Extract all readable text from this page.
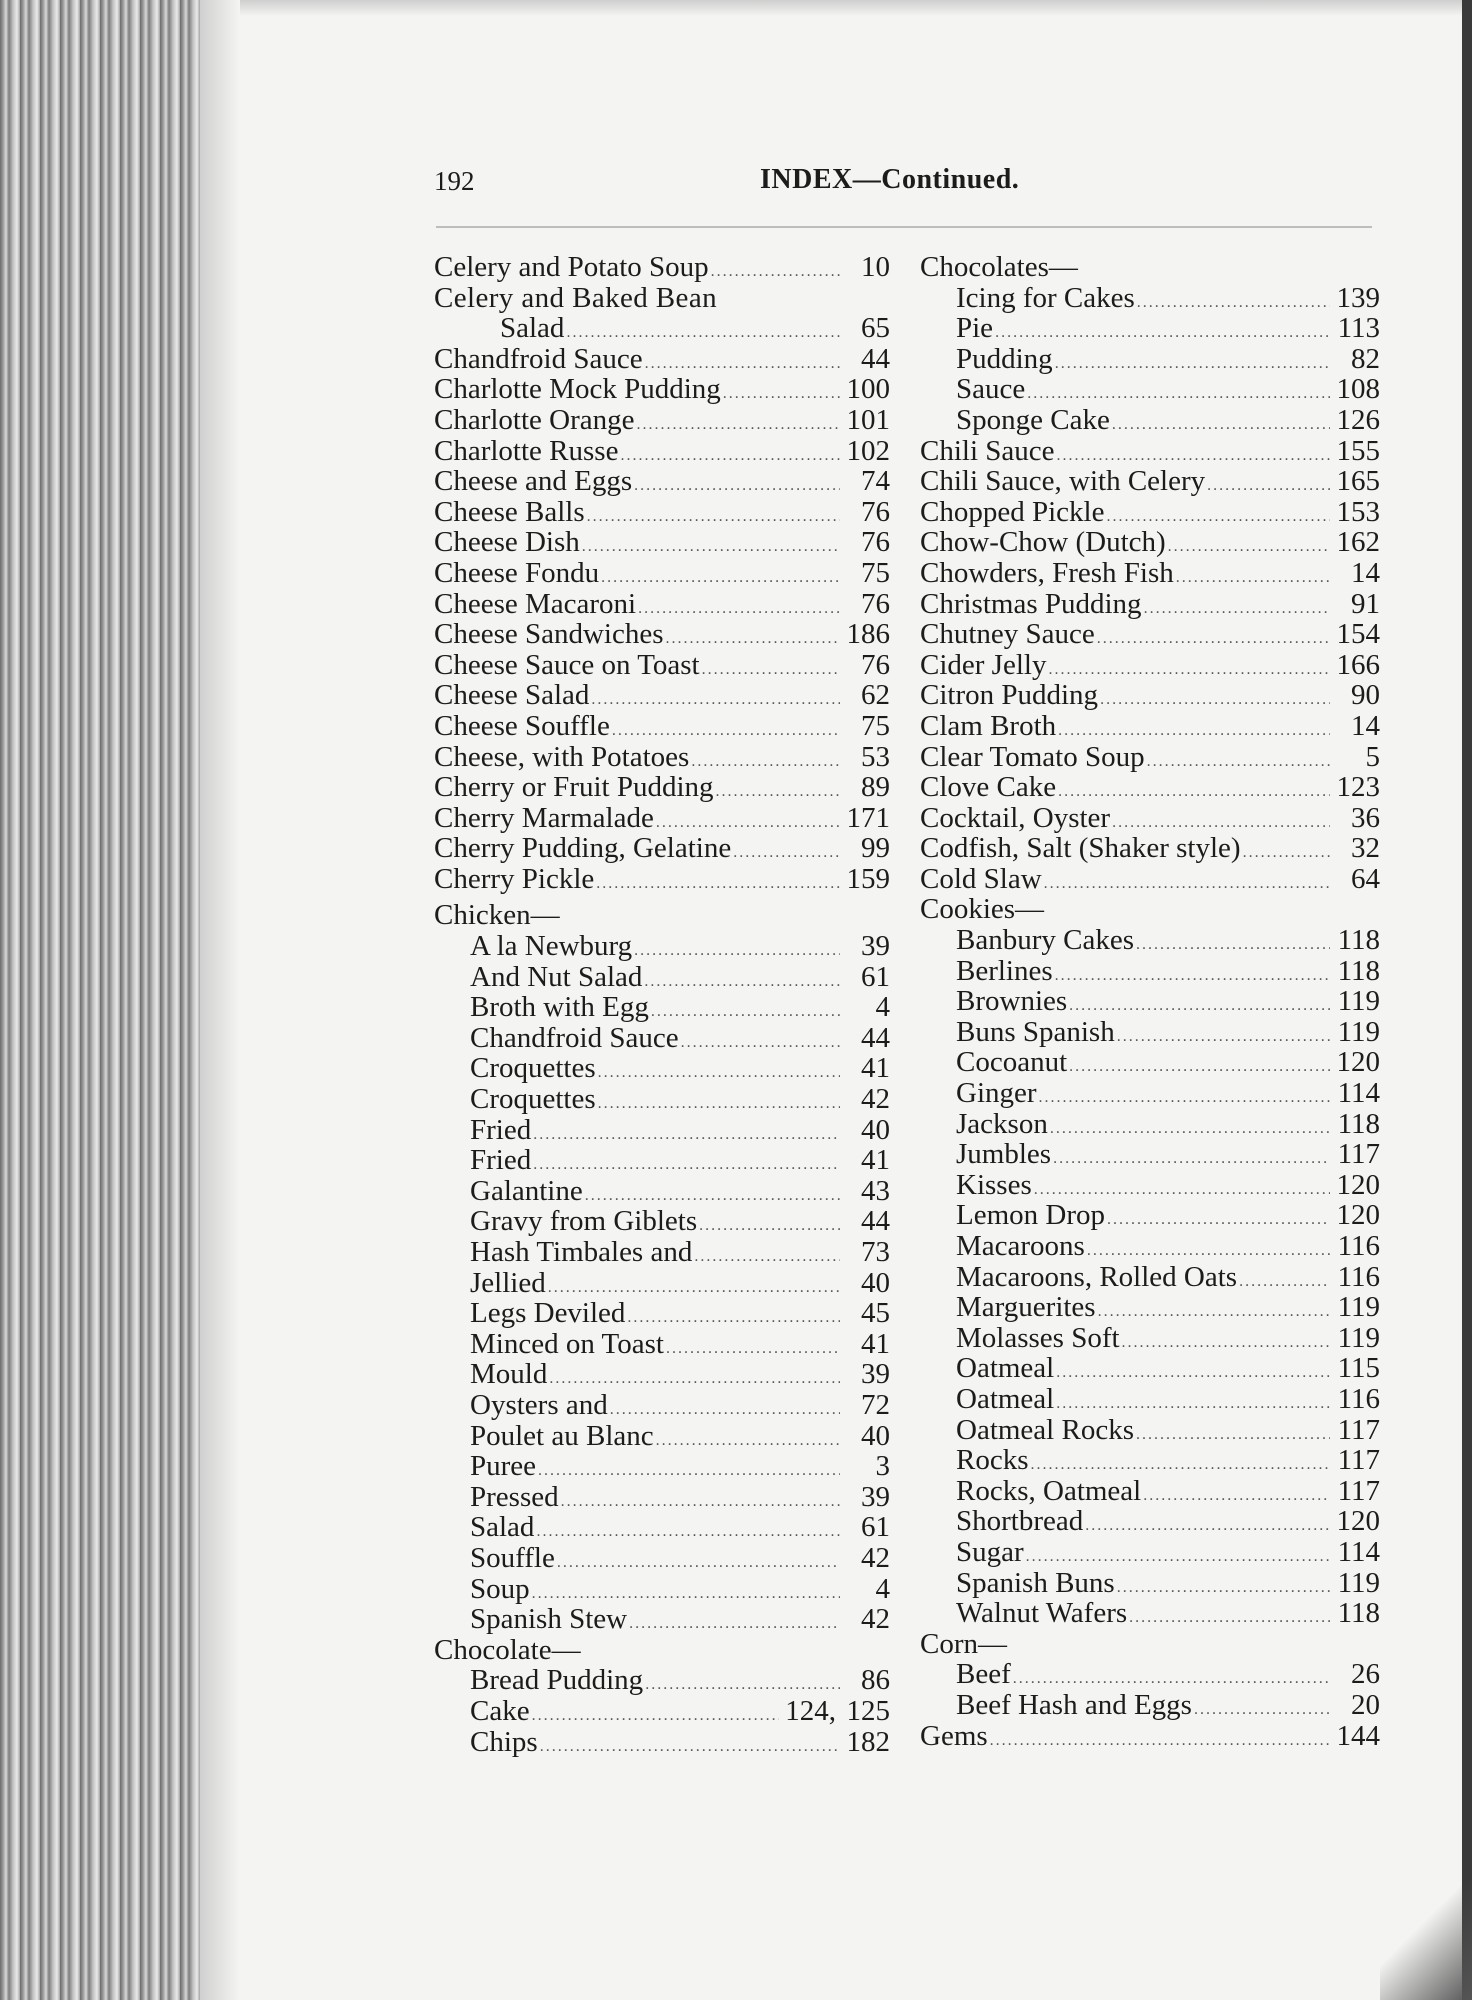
192	INDEX—Continued.
Celery and Potato Soup .....	10
Celery and Baked Bean
Salad .....	65
Chandfroid Sauce .....	44
Charlotte Mock Pudding .....	100
Charlotte Orange .....	101
Charlotte Russe .....	102
Cheese and Eggs .....	74
Cheese Balls .....	76
Cheese Dish .....	76
Cheese Fondu .....	75
Cheese Macaroni .....	76
Cheese Sandwiches .....	186
Cheese Sauce on Toast .....	76
Cheese Salad .....	62
Cheese Souffle .....	75
Cheese, with Potatoes .....	53
Cherry or Fruit Pudding .....	89
Cherry Marmalade .....	171
Cherry Pudding, Gelatine .....	99
Cherry Pickle .....	159
Chicken—
A la Newburg .....	39
And Nut Salad .....	61
Broth with Egg .....	4
Chandfroid Sauce .....	44
Croquettes .....	41
Croquettes .....	42
Fried .....	40
Fried .....	41
Galantine .....	43
Gravy from Giblets .....	44
Hash Timbales and .....	73
Jellied .....	40
Legs Deviled .....	45
Minced on Toast .....	41
Mould .....	39
Oysters and .....	72
Poulet au Blanc .....	40
Puree .....	3
Pressed .....	39
Salad .....	61
Souffle .....	42
Soup .....	4
Spanish Stew .....	42
Chocolate—
Bread Pudding .....	86
Cake .....	124, 125
Chips .....	182
Chocolates—
Icing for Cakes .....	139
Pie .....	113
Pudding .....	82
Sauce .....	108
Sponge Cake .....	126
Chili Sauce .....	155
Chili Sauce, with Celery .....	165
Chopped Pickle .....	153
Chow-Chow (Dutch) .....	162
Chowders, Fresh Fish .....	14
Christmas Pudding .....	91
Chutney Sauce .....	154
Cider Jelly .....	166
Citron Pudding .....	90
Clam Broth .....	14
Clear Tomato Soup .....	5
Clove Cake .....	123
Cocktail, Oyster .....	36
Codfish, Salt (Shaker style) .....	32
Cold Slaw .....	64
Cookies—
Banbury Cakes .....	118
Berlines .....	118
Brownies .....	119
Buns Spanish .....	119
Cocoanut .....	120
Ginger .....	114
Jackson .....	118
Jumbles .....	117
Kisses .....	120
Lemon Drop .....	120
Macaroons .....	116
Macaroons, Rolled Oats .....	116
Marguerites .....	119
Molasses Soft .....	119
Oatmeal .....	115
Oatmeal .....	116
Oatmeal Rocks .....	117
Rocks .....	117
Rocks, Oatmeal .....	117
Shortbread .....	120
Sugar .....	114
Spanish Buns .....	119
Walnut Wafers .....	118
Corn—
Beef .....	26
Beef Hash and Eggs .....	20
Gems .....	144
